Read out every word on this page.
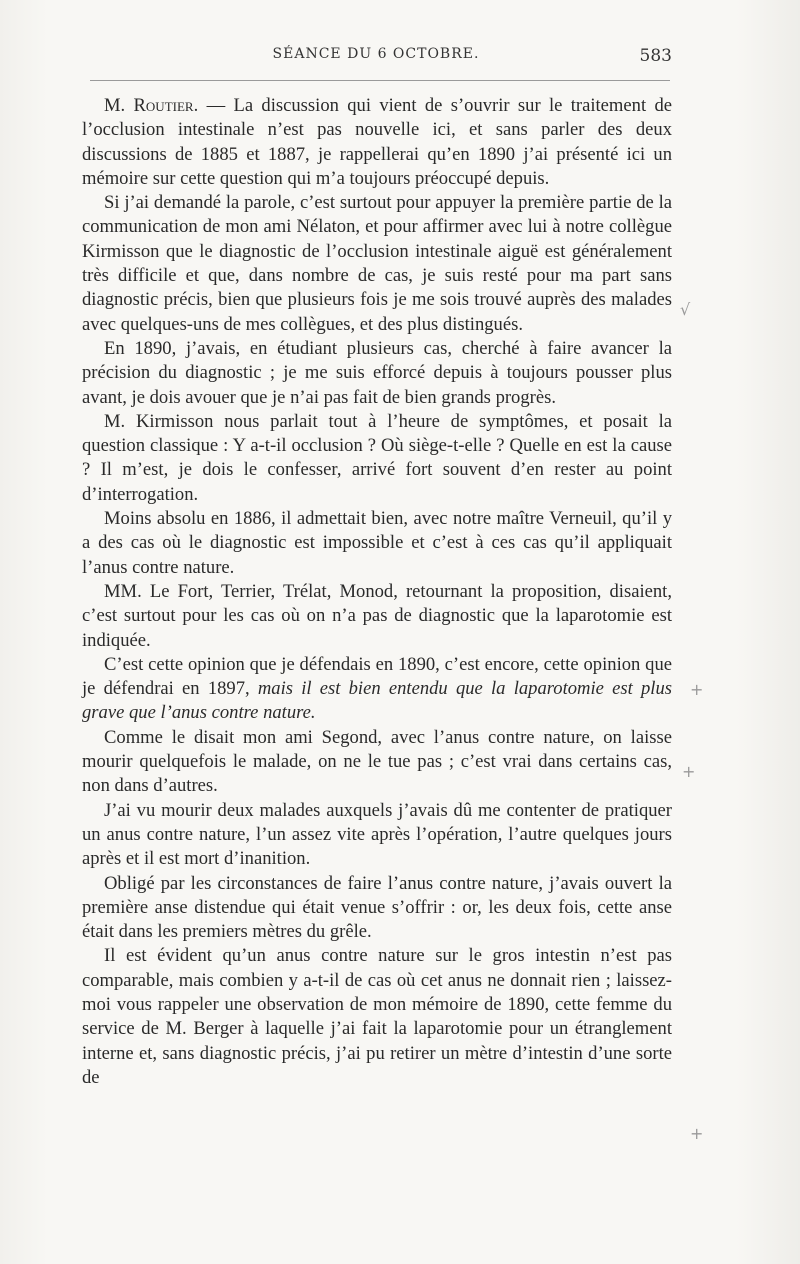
SÉANCE DU 6 OCTOBRE.	583

M. Routier. — La discussion qui vient de s’ouvrir sur le traitement de l’occlusion intestinale n’est pas nouvelle ici, et sans parler des deux discussions de 1885 et 1887, je rappellerai qu’en 1890 j’ai présenté ici un mémoire sur cette question qui m’a toujours préoccupé depuis.

Si j’ai demandé la parole, c’est surtout pour appuyer la première partie de la communication de mon ami Nélaton, et pour affirmer avec lui à notre collègue Kirmisson que le diagnostic de l’occlusion intestinale aiguë est généralement très difficile et que, dans nombre de cas, je suis resté pour ma part sans diagnostic précis, bien que plusieurs fois je me sois trouvé auprès des malades avec quelques-uns de mes collègues, et des plus distingués.

En 1890, j’avais, en étudiant plusieurs cas, cherché à faire avancer la précision du diagnostic ; je me suis efforcé depuis à toujours pousser plus avant, je dois avouer que je n’ai pas fait de bien grands progrès.

M. Kirmisson nous parlait tout à l’heure de symptômes, et posait la question classique : Y a-t-il occlusion ? Où siège-t-elle ? Quelle en est la cause ? Il m’est, je dois le confesser, arrivé fort souvent d’en rester au point d’interrogation.

Moins absolu en 1886, il admettait bien, avec notre maître Verneuil, qu’il y a des cas où le diagnostic est impossible et c’est à ces cas qu’il appliquait l’anus contre nature.

MM. Le Fort, Terrier, Trélat, Monod, retournant la proposition, disaient, c’est surtout pour les cas où on n’a pas de diagnostic que la laparotomie est indiquée.

C’est cette opinion que je défendais en 1890, c’est encore, cette opinion que je défendrai en 1897, mais il est bien entendu que la laparotomie est plus grave que l’anus contre nature.

Comme le disait mon ami Segond, avec l’anus contre nature, on laisse mourir quelquefois le malade, on ne le tue pas ; c’est vrai dans certains cas, non dans d’autres.

J’ai vu mourir deux malades auxquels j’avais dû me contenter de pratiquer un anus contre nature, l’un assez vite après l’opération, l’autre quelques jours après et il est mort d’inanition.

Obligé par les circonstances de faire l’anus contre nature, j’avais ouvert la première anse distendue qui était venue s’offrir : or, les deux fois, cette anse était dans les premiers mètres du grêle.

Il est évident qu’un anus contre nature sur le gros intestin n’est pas comparable, mais combien y a-t-il de cas où cet anus ne donnait rien ; laissez-moi vous rappeler une observation de mon mémoire de 1890, cette femme du service de M. Berger à laquelle j’ai fait la laparotomie pour un étranglement interne et, sans diagnostic précis, j’ai pu retirer un mètre d’intestin d’une sorte de

√
+
+
+
